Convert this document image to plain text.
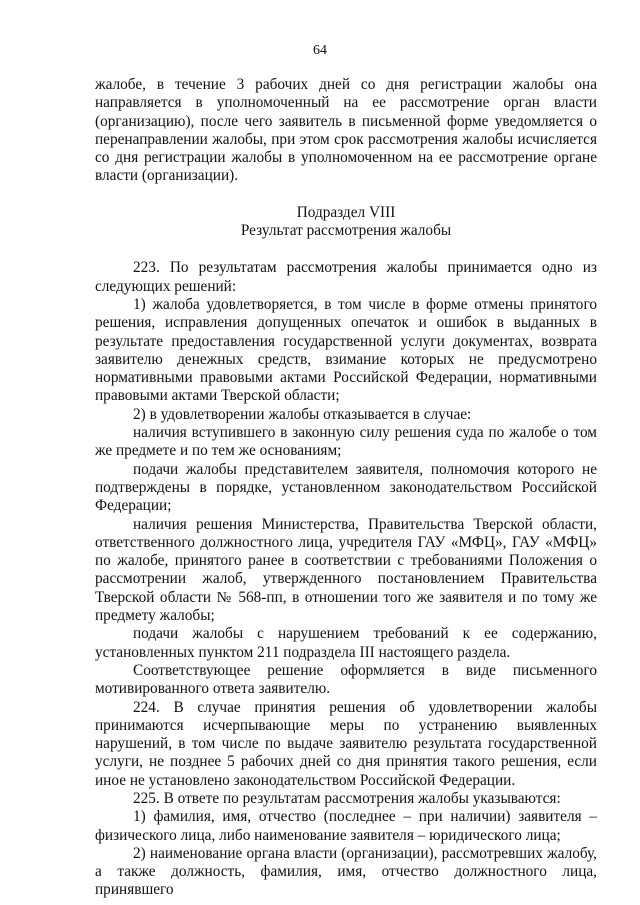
64

жалобе, в течение 3 рабочих дней со дня регистрации жалобы она направляется в уполномоченный на ее рассмотрение орган власти (организацию), после чего заявитель в письменной форме уведомляется о перенаправлении жалобы, при этом срок рассмотрения жалобы исчисляется со дня регистрации жалобы в уполномоченном на ее рассмотрение органе власти (организации).

Подраздел VIII

Результат рассмотрения жалобы

223. По результатам рассмотрения жалобы принимается одно из следующих решений:

1) жалоба удовлетворяется, в том числе в форме отмены принятого решения, исправления допущенных опечаток и ошибок в выданных в результате предоставления государственной услуги документах, возврата заявителю денежных средств, взимание которых не предусмотрено нормативными правовыми актами Российской Федерации, нормативными правовыми актами Тверской области;

2) в удовлетворении жалобы отказывается в случае:

наличия вступившего в законную силу решения суда по жалобе о том же предмете и по тем же основаниям;

подачи жалобы представителем заявителя, полномочия которого не подтверждены в порядке, установленном законодательством Российской Федерации;

наличия решения Министерства, Правительства Тверской области, ответственного должностного лица, учредителя ГАУ «МФЦ», ГАУ «МФЦ» по жалобе, принятого ранее в соответствии с требованиями Положения о рассмотрении жалоб, утвержденного постановлением Правительства Тверской области № 568-пп, в отношении того же заявителя и по тому же предмету жалобы;

подачи жалобы с нарушением требований к ее содержанию, установленных пунктом 211 подраздела III настоящего раздела.

Соответствующее решение оформляется в виде письменного мотивированного ответа заявителю.

224. В случае принятия решения об удовлетворении жалобы принимаются исчерпывающие меры по устранению выявленных нарушений, в том числе по выдаче заявителю результата государственной услуги, не позднее 5 рабочих дней со дня принятия такого решения, если иное не установлено законодательством Российской Федерации.

225. В ответе по результатам рассмотрения жалобы указываются:

1) фамилия, имя, отчество (последнее – при наличии) заявителя – физического лица, либо наименование заявителя – юридического лица;

2) наименование органа власти (организации), рассмотревших жалобу, а также должность, фамилия, имя, отчество должностного лица, принявшего
